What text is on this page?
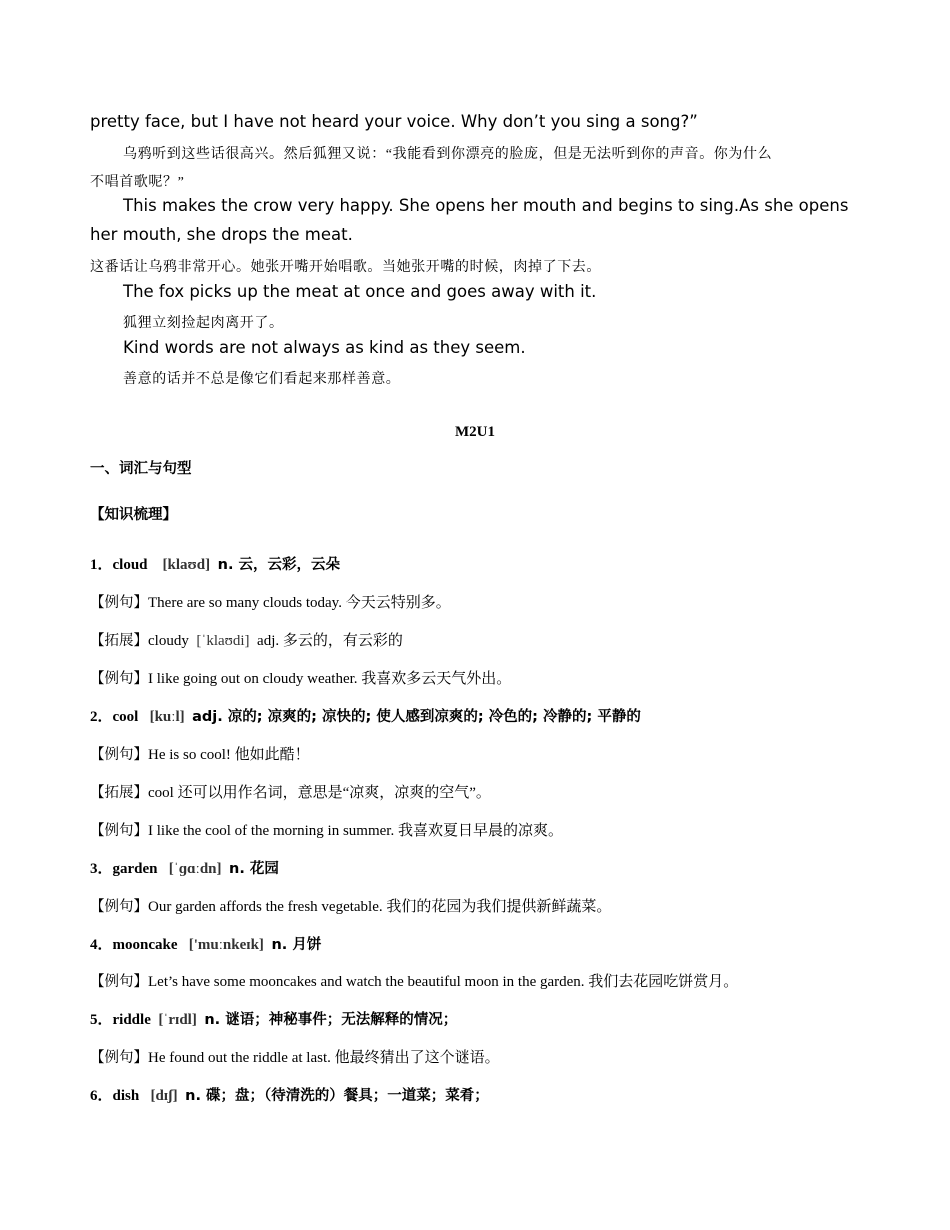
pretty face, but I have not heard your voice. Why don’t you sing a song?”
乌鸦听到这些话很高兴。然后狐狸又说：“我能看到你漂亮的脸庞，但是无法听到你的声音。你为什么
不唱首歌呢？”
This makes the crow very happy. She opens her mouth and begins to sing.As she opens
her mouth, she drops the meat.
这番话让乌鸦非常开心。她张开嘴开始唱歌。当她张开嘴的时候，肉掉了下去。
The fox picks up the meat at once and goes away with it.
狐狸立刻捡起肉离开了。
Kind words are not always as kind as they seem.
善意的话并不总是像它们看起来那样善意。
M2U1
一、词汇与句型
【知识梳理】
1．cloud [klaʊd] n. 云，云彩，云朵
【例句】There are so many clouds today. 今天云特别多。
【拓展】cloudy [ˈklaʊdi] adj. 多云的，有云彩的
【例句】I like going out on cloudy weather. 我喜欢多云天气外出。
2．cool [kuːl] adj. 凉的; 凉爽的; 凉快的; 使人感到凉爽的; 冷色的; 冷静的; 平静的
【例句】He is so cool! 他如此酷！
【拓展】cool 还可以用作名词，意思是“凉爽，凉爽的空气”。
【例句】I like the cool of the morning in summer. 我喜欢夏日早晨的凉爽。
3．garden [ˈɡɑːdn] n. 花园
【例句】Our garden affords the fresh vegetable. 我们的花园为我们提供新鲜蔬菜。
4．mooncake ['muːnkeɪk] n. 月饼
【例句】Let’s have some mooncakes and watch the beautiful moon in the garden. 我们去花园吃饼赏月。
5．riddle [ˈrɪdl] n. 谜语；神秘事件；无法解释的情况；
【例句】He found out the riddle at last. 他最终猜出了这个谜语。
6．dish [dɪʃ] n. 碟；盘；（待清洗的）餐具；一道菜；菜肴；
